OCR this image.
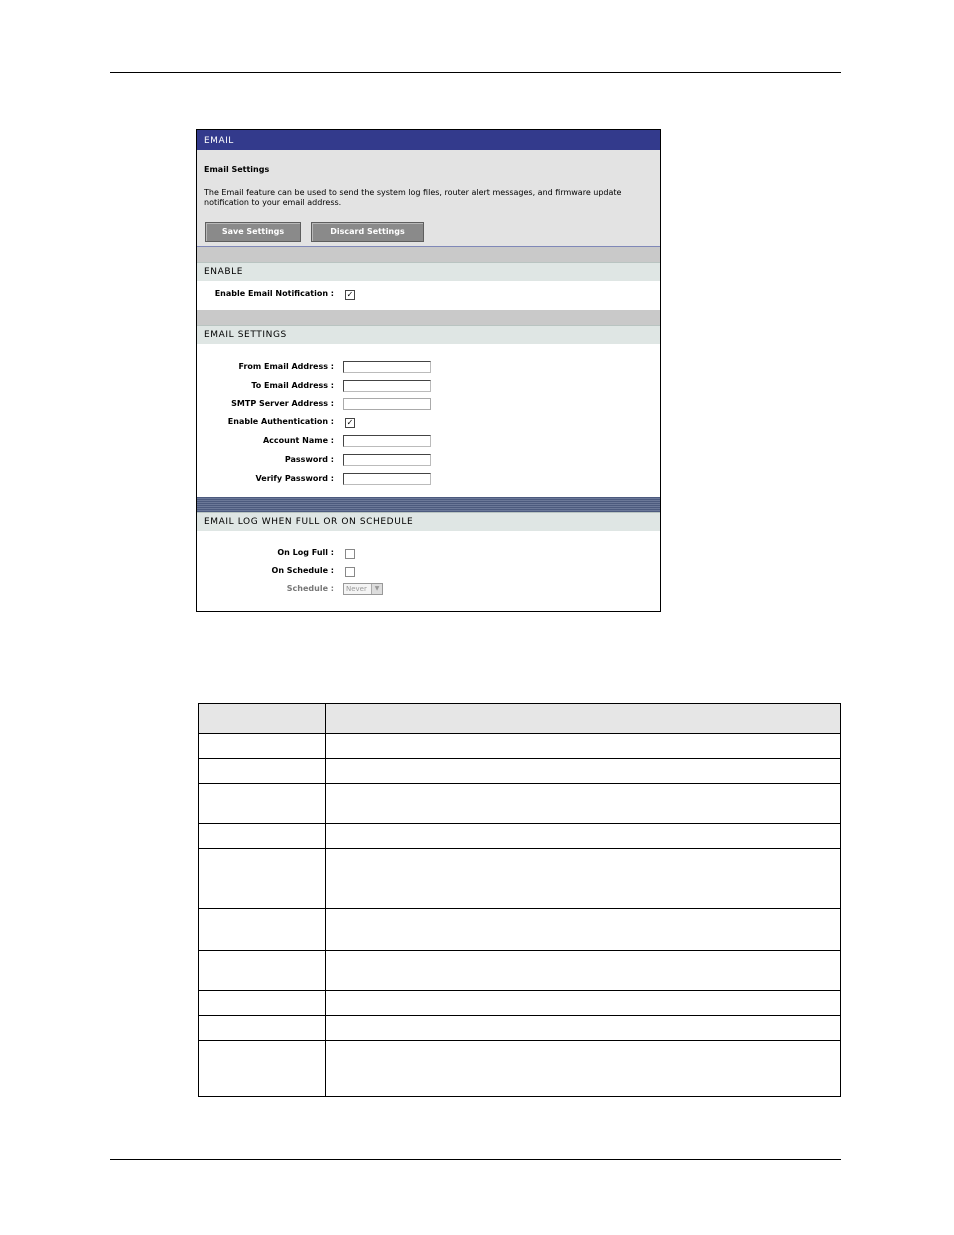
EMAIL
Email Settings
The Email feature can be used to send the system log files, router alert messages, and firmware update notification to your email address.
Save Settings	Discard Settings
ENABLE
Enable Email Notification : ✓
EMAIL SETTINGS
From Email Address :
To Email Address :
SMTP Server Address :
Enable Authentication : ✓
Account Name :
Password :
Verify Password :
EMAIL LOG WHEN FULL OR ON SCHEDULE
On Log Full :
On Schedule :
Schedule :	Never	▼
